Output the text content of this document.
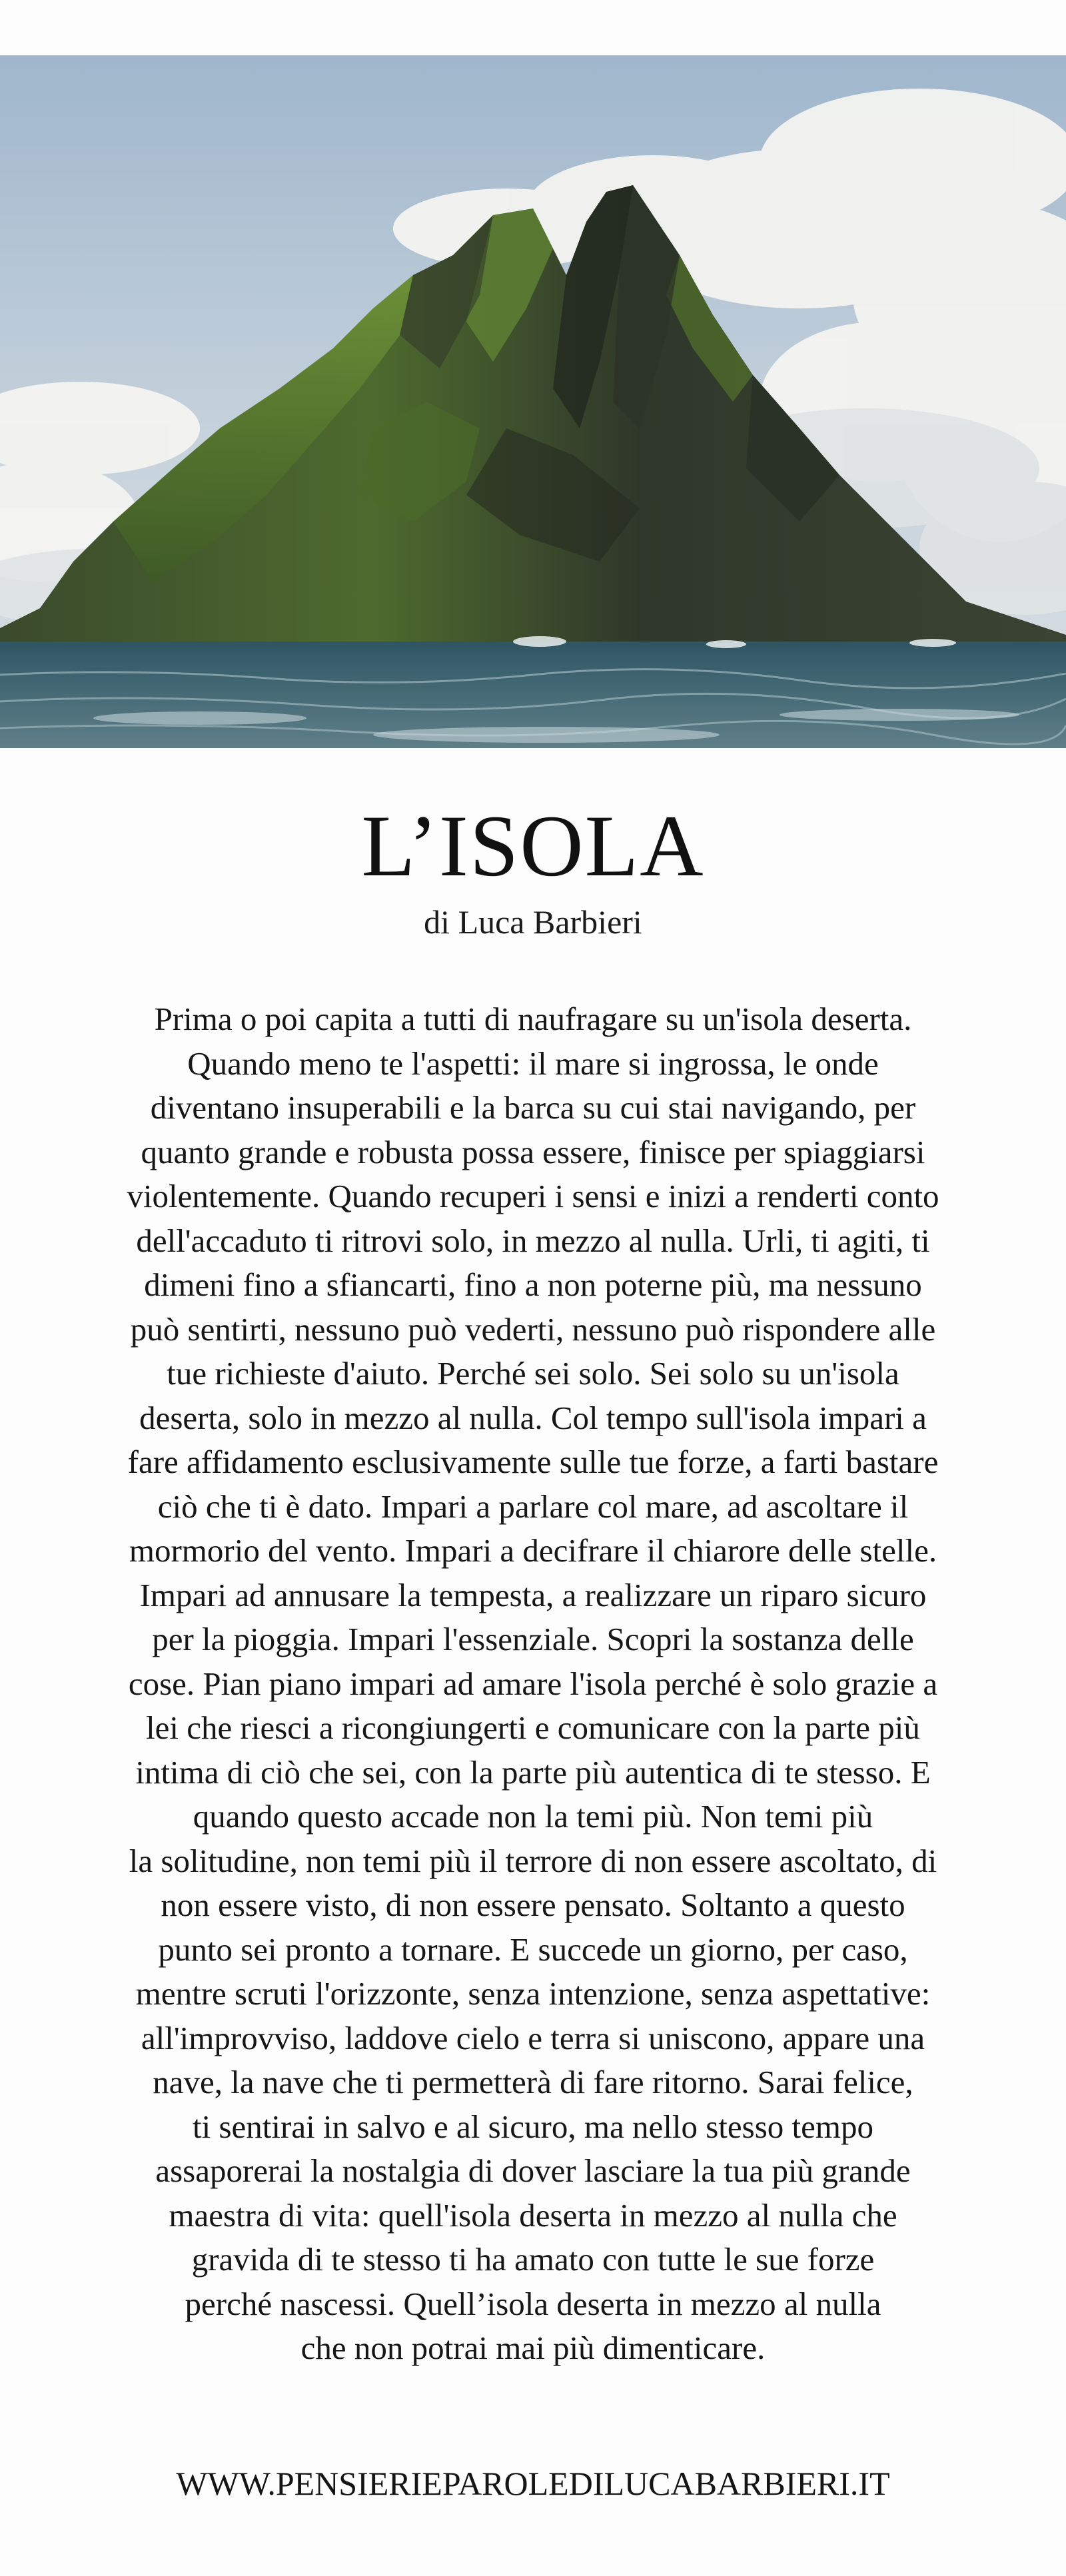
L’ISOLA
di Luca Barbieri
Prima o poi capita a tutti di naufragare su un'isola deserta.
Quando meno te l'aspetti: il mare si ingrossa, le onde
diventano insuperabili e la barca su cui stai navigando, per
quanto grande e robusta possa essere, finisce per spiaggiarsi
violentemente. Quando recuperi i sensi e inizi a renderti conto
dell'accaduto ti ritrovi solo, in mezzo al nulla. Urli, ti agiti, ti
dimeni fino a sfiancarti, fino a non poterne più, ma nessuno
può sentirti, nessuno può vederti, nessuno può rispondere alle
tue richieste d'aiuto. Perché sei solo. Sei solo su un'isola
deserta, solo in mezzo al nulla. Col tempo sull'isola impari a
fare affidamento esclusivamente sulle tue forze, a farti bastare
ciò che ti è dato. Impari a parlare col mare, ad ascoltare il
mormorio del vento. Impari a decifrare il chiarore delle stelle.
Impari ad annusare la tempesta, a realizzare un riparo sicuro
per la pioggia. Impari l'essenziale. Scopri la sostanza delle
cose. Pian piano impari ad amare l'isola perché è solo grazie a
lei che riesci a ricongiungerti e comunicare con la parte più
intima di ciò che sei, con la parte più autentica di te stesso. E
quando questo accade non la temi più. Non temi più
la solitudine, non temi più il terrore di non essere ascoltato, di
non essere visto, di non essere pensato. Soltanto a questo
punto sei pronto a tornare. E succede un giorno, per caso,
mentre scruti l'orizzonte, senza intenzione, senza aspettative:
all'improvviso, laddove cielo e terra si uniscono, appare una
nave, la nave che ti permetterà di fare ritorno. Sarai felice,
ti sentirai in salvo e al sicuro, ma nello stesso tempo
assaporerai la nostalgia di dover lasciare la tua più grande
maestra di vita: quell'isola deserta in mezzo al nulla che
gravida di te stesso ti ha amato con tutte le sue forze
perché nascessi. Quell’isola deserta in mezzo al nulla
che non potrai mai più dimenticare.
WWW.PENSIERIEPAROLEDILUCABARBIERI.IT
